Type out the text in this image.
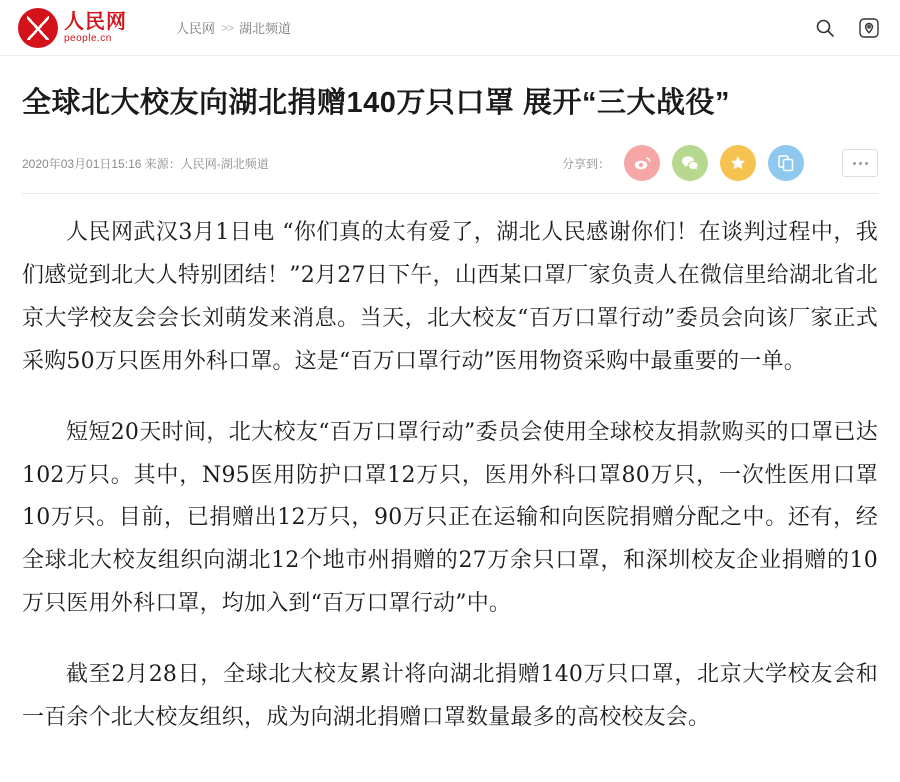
人民网
people.cn
人民网 >> 湖北频道
全球北大校友向湖北捐赠140万只口罩 展开“三大战役”
2020年03月01日15:16 来源：人民网-湖北频道	分享到：

人民网武汉3月1日电 “你们真的太有爱了，湖北人民感谢你们！在谈判过程中，我们感觉到北大人特别团结！”2月27日下午，山西某口罩厂家负责人在微信里给湖北省北京大学校友会会长刘萌发来消息。当天，北大校友“百万口罩行动”委员会向该厂家正式采购50万只医用外科口罩。这是“百万口罩行动”医用物资采购中最重要的一单。

短短20天时间，北大校友“百万口罩行动”委员会使用全球校友捐款购买的口罩已达102万只。其中，N95医用防护口罩12万只，医用外科口罩80万只，一次性医用口罩10万只。目前，已捐赠出12万只，90万只正在运输和向医院捐赠分配之中。还有，经全球北大校友组织向湖北12个地市州捐赠的27万余只口罩，和深圳校友企业捐赠的10万只医用外科口罩，均加入到“百万口罩行动”中。

截至2月28日，全球北大校友累计将向湖北捐赠140万只口罩，北京大学校友会和一百余个北大校友组织，成为向湖北捐赠口罩数量最多的高校校友会。
